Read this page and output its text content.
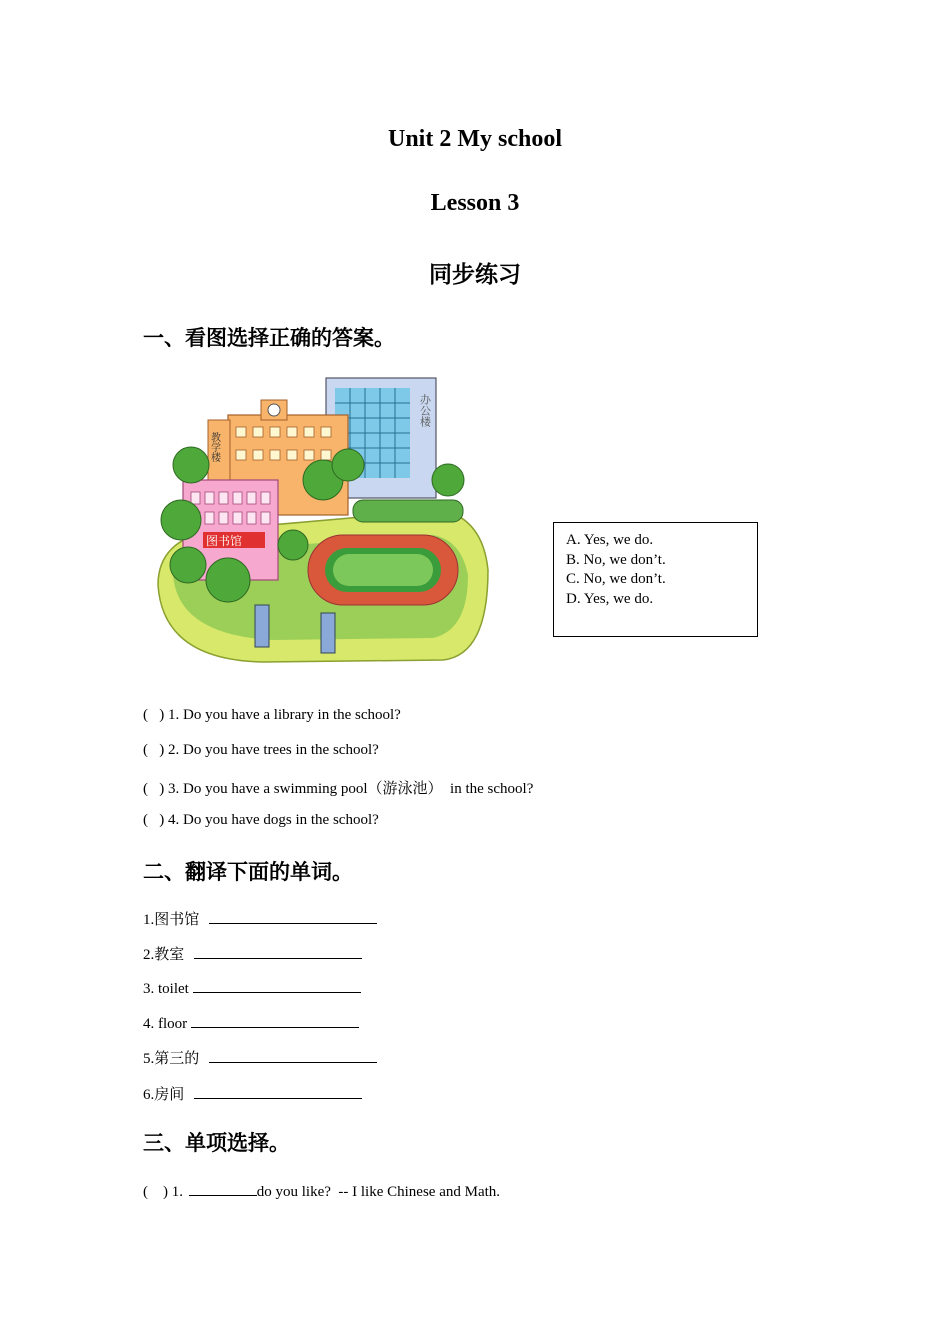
Unit 2 My school
Lesson 3
同步练习
一、看图选择正确的答案。
办公楼
教学楼
图书馆	A. Yes, we do.
B. No, we don’t.
C. No, we don’t.
D. Yes, we do.
(   ) 1. Do you have a library in the school?
(   ) 2. Do you have trees in the school?
(   ) 3. Do you have a swimming pool（游泳池）  in the school?
(   ) 4. Do you have dogs in the school?
二、翻译下面的单词。
1.图书馆
2.教室
3. toilet
4. floor
5.第三的
6.房间
三、单项选择。
(    ) 1.	do you like?  -- I like Chinese and Math.
